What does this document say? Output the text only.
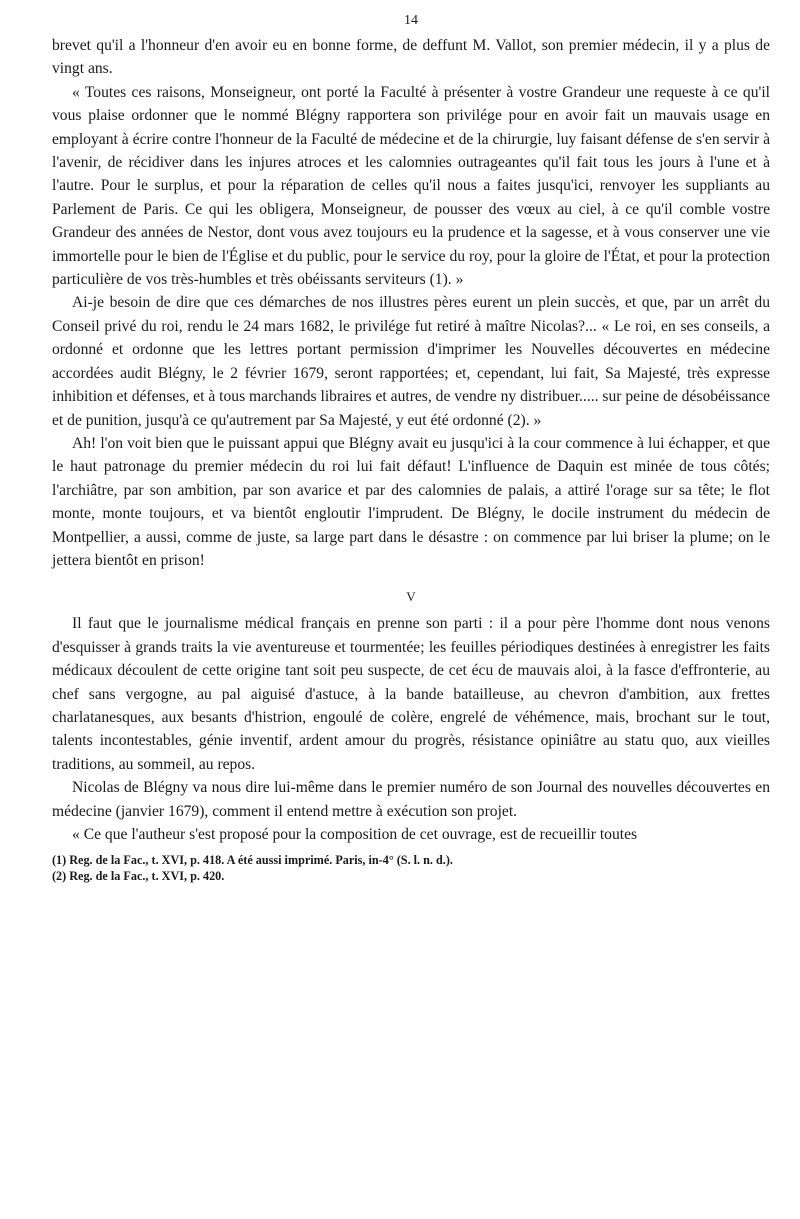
14

brevet qu'il a l'honneur d'en avoir eu en bonne forme, de deffunt M. Vallot, son premier médecin, il y a plus de vingt ans.

« Toutes ces raisons, Monseigneur, ont porté la Faculté à présenter à vostre Grandeur une requeste à ce qu'il vous plaise ordonner que le nommé Blégny rapportera son privilége pour en avoir fait un mauvais usage en employant à écrire contre l'honneur de la Faculté de médecine et de la chirurgie, luy faisant défense de s'en servir à l'avenir, de récidiver dans les injures atroces et les calomnies outrageantes qu'il fait tous les jours à l'une et à l'autre. Pour le surplus, et pour la réparation de celles qu'il nous a faites jusqu'ici, renvoyer les suppliants au Parlement de Paris. Ce qui les obligera, Monseigneur, de pousser des vœux au ciel, à ce qu'il comble vostre Grandeur des années de Nestor, dont vous avez toujours eu la prudence et la sagesse, et à vous conserver une vie immortelle pour le bien de l'Église et du public, pour le service du roy, pour la gloire de l'État, et pour la protection particulière de vos très-humbles et très obéissants serviteurs (1). »

Ai-je besoin de dire que ces démarches de nos illustres pères eurent un plein succès, et que, par un arrêt du Conseil privé du roi, rendu le 24 mars 1682, le privilége fut retiré à maître Nicolas?... « Le roi, en ses conseils, a ordonné et ordonne que les lettres portant permission d'imprimer les Nouvelles découvertes en médecine accordées audit Blégny, le 2 février 1679, seront rapportées; et, cependant, lui fait, Sa Majesté, très expresse inhibition et défenses, et à tous marchands libraires et autres, de vendre ny distribuer..... sur peine de désobéissance et de punition, jusqu'à ce qu'autrement par Sa Majesté, y eut été ordonné (2). »

Ah! l'on voit bien que le puissant appui que Blégny avait eu jusqu'ici à la cour commence à lui échapper, et que le haut patronage du premier médecin du roi lui fait défaut! L'influence de Daquin est minée de tous côtés; l'archiâtre, par son ambition, par son avarice et par des calomnies de palais, a attiré l'orage sur sa tête; le flot monte, monte toujours, et va bientôt engloutir l'imprudent. De Blégny, le docile instrument du médecin de Montpellier, a aussi, comme de juste, sa large part dans le désastre : on commence par lui briser la plume; on le jettera bientôt en prison!

V

Il faut que le journalisme médical français en prenne son parti : il a pour père l'homme dont nous venons d'esquisser à grands traits la vie aventureuse et tourmentée; les feuilles périodiques destinées à enregistrer les faits médicaux découlent de cette origine tant soit peu suspecte, de cet écu de mauvais aloi, à la fasce d'effronterie, au chef sans vergogne, au pal aiguisé d'astuce, à la bande batailleuse, au chevron d'ambition, aux frettes charlatanesques, aux besants d'histrion, engoulé de colère, engrelé de véhémence, mais, brochant sur le tout, talents incontestables, génie inventif, ardent amour du progrès, résistance opiniâtre au statu quo, aux vieilles traditions, au sommeil, au repos.

Nicolas de Blégny va nous dire lui-même dans le premier numéro de son Journal des nouvelles découvertes en médecine (janvier 1679), comment il entend mettre à exécution son projet.

« Ce que l'autheur s'est proposé pour la composition de cet ouvrage, est de recueillir toutes

(1) Reg. de la Fac., t. XVI, p. 418. A été aussi imprimé. Paris, in-4° (S. l. n. d.).

(2) Reg. de la Fac., t. XVI, p. 420.
